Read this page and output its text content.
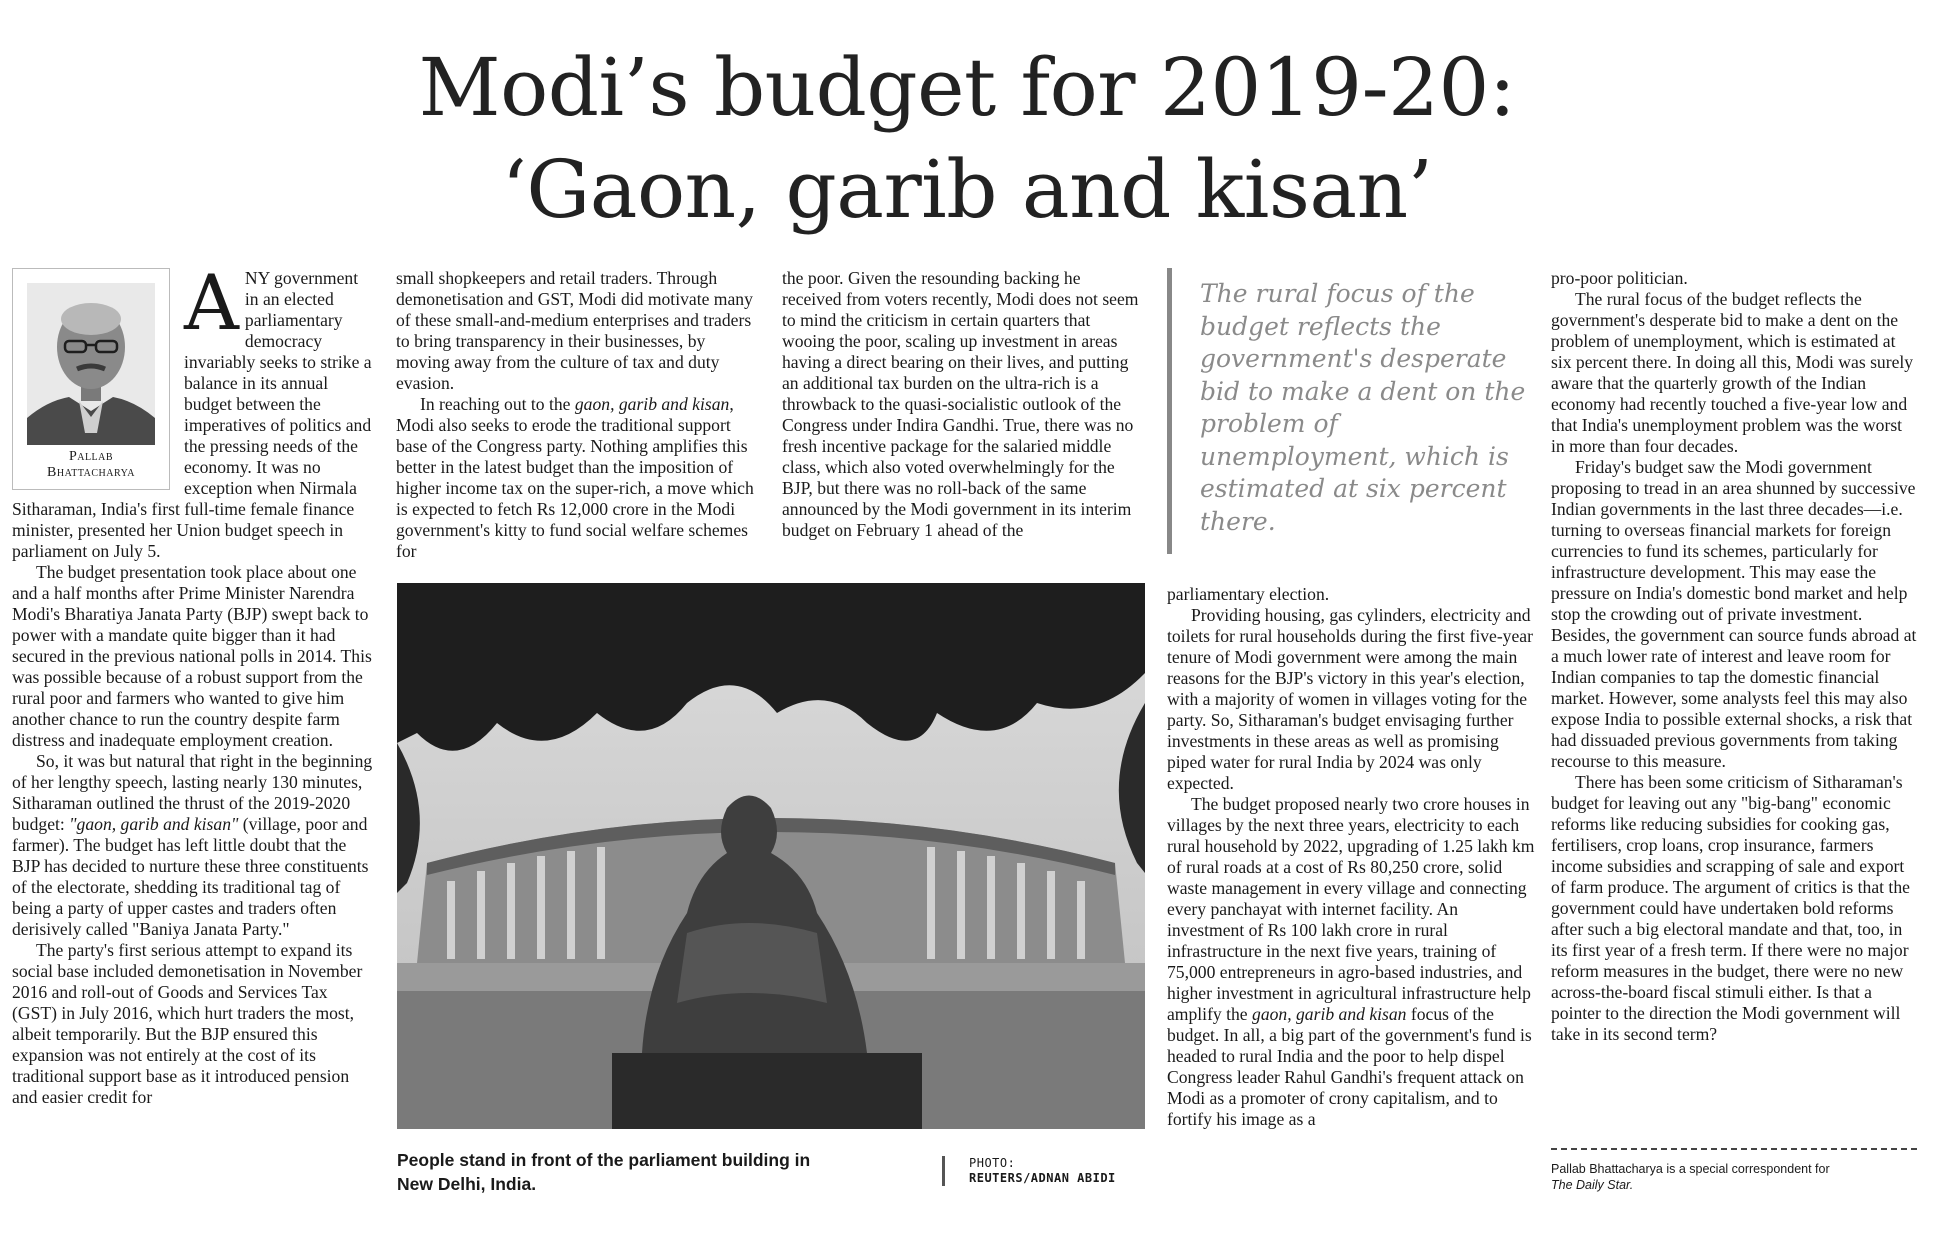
Modi’s budget for 2019-20:
‘Gaon, garib and kisan’
Pallab
Bhattacharya

ANY government in an elected parliamentary democracy invariably seeks to strike a balance in its annual budget between the imperatives of politics and the pressing needs of the economy. It was no exception when Nirmala Sitharaman, India's first full-time female finance minister, presented her Union budget speech in parliament on July 5.

The budget presentation took place about one and a half months after Prime Minister Narendra Modi's Bharatiya Janata Party (BJP) swept back to power with a mandate quite bigger than it had secured in the previous national polls in 2014. This was possible because of a robust support from the rural poor and farmers who wanted to give him another chance to run the country despite farm distress and inadequate employment creation.

So, it was but natural that right in the beginning of her lengthy speech, lasting nearly 130 minutes, Sitharaman outlined the thrust of the 2019-2020 budget: "gaon, garib and kisan" (village, poor and farmer). The budget has left little doubt that the BJP has decided to nurture these three constituents of the electorate, shedding its traditional tag of being a party of upper castes and traders often derisively called "Baniya Janata Party."

The party's first serious attempt to expand its social base included demonetisation in November 2016 and roll-out of Goods and Services Tax (GST) in July 2016, which hurt traders the most, albeit temporarily. But the BJP ensured this expansion was not entirely at the cost of its traditional support base as it introduced pension and easier credit for

small shopkeepers and retail traders. Through demonetisation and GST, Modi did motivate many of these small-and-medium enterprises and traders to bring transparency in their businesses, by moving away from the culture of tax and duty evasion.

In reaching out to the gaon, garib and kisan, Modi also seeks to erode the traditional support base of the Congress party. Nothing amplifies this better in the latest budget than the imposition of higher income tax on the super-rich, a move which is expected to fetch Rs 12,000 crore in the Modi government's kitty to fund social welfare schemes for

the poor. Given the resounding backing he received from voters recently, Modi does not seem to mind the criticism in certain quarters that wooing the poor, scaling up investment in areas having a direct bearing on their lives, and putting an additional tax burden on the ultra-rich is a throwback to the quasi-socialistic outlook of the Congress under Indira Gandhi. True, there was no fresh incentive package for the salaried middle class, which also voted overwhelmingly for the BJP, but there was no roll-back of the same announced by the Modi government in its interim budget on February 1 ahead of the

The rural focus of the budget reflects the government's desperate bid to make a dent on the problem of unemployment, which is estimated at six percent there.
People stand in front of the parliament building in New Delhi, India.
PHOTO:
REUTERS/ADNAN ABIDI

parliamentary election.

Providing housing, gas cylinders, electricity and toilets for rural households during the first five-year tenure of Modi government were among the main reasons for the BJP's victory in this year's election, with a majority of women in villages voting for the party. So, Sitharaman's budget envisaging further investments in these areas as well as promising piped water for rural India by 2024 was only expected.

The budget proposed nearly two crore houses in villages by the next three years, electricity to each rural household by 2022, upgrading of 1.25 lakh km of rural roads at a cost of Rs 80,250 crore, solid waste management in every village and connecting every panchayat with internet facility. An investment of Rs 100 lakh crore in rural infrastructure in the next five years, training of 75,000 entrepreneurs in agro-based industries, and higher investment in agricultural infrastructure help amplify the gaon, garib and kisan focus of the budget. In all, a big part of the government's fund is headed to rural India and the poor to help dispel Congress leader Rahul Gandhi's frequent attack on Modi as a promoter of crony capitalism, and to fortify his image as a

pro-poor politician.

The rural focus of the budget reflects the government's desperate bid to make a dent on the problem of unemployment, which is estimated at six percent there. In doing all this, Modi was surely aware that the quarterly growth of the Indian economy had recently touched a five-year low and that India's unemployment problem was the worst in more than four decades.

Friday's budget saw the Modi government proposing to tread in an area shunned by successive Indian governments in the last three decades—i.e. turning to overseas financial markets for foreign currencies to fund its schemes, particularly for infrastructure development. This may ease the pressure on India's domestic bond market and help stop the crowding out of private investment. Besides, the government can source funds abroad at a much lower rate of interest and leave room for Indian companies to tap the domestic financial market. However, some analysts feel this may also expose India to possible external shocks, a risk that had dissuaded previous governments from taking recourse to this measure.

There has been some criticism of Sitharaman's budget for leaving out any "big-bang" economic reforms like reducing subsidies for cooking gas, fertilisers, crop loans, crop insurance, farmers income subsidies and scrapping of sale and export of farm produce. The argument of critics is that the government could have undertaken bold reforms after such a big electoral mandate and that, too, in its first year of a fresh term. If there were no major reform measures in the budget, there were no new across-the-board fiscal stimuli either. Is that a pointer to the direction the Modi government will take in its second term?

Pallab Bhattacharya is a special correspondent for
The Daily Star.
